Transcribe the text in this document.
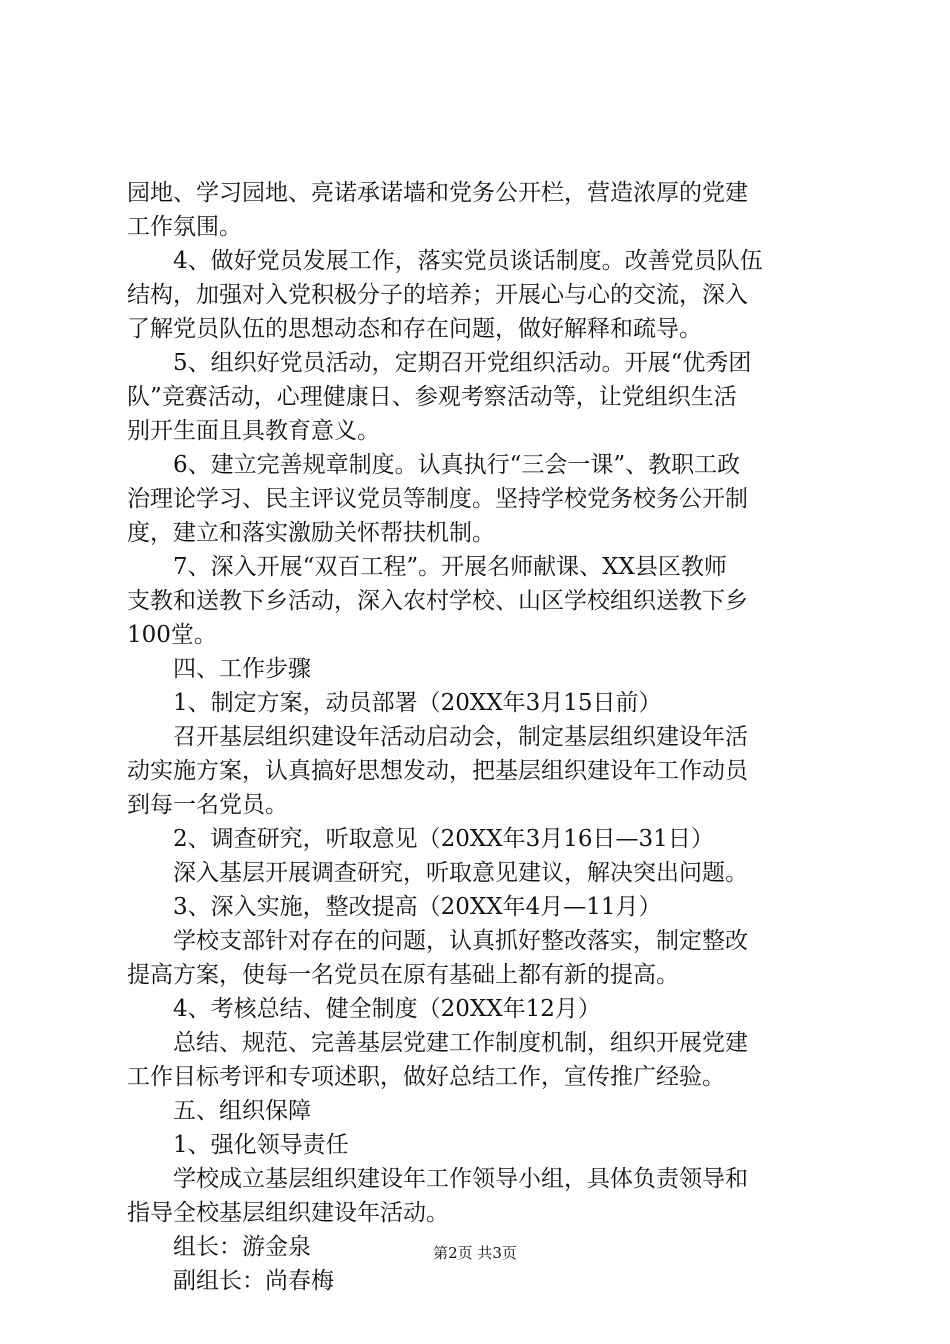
园地、学习园地、亮诺承诺墙和党务公开栏，营造浓厚的党建
工作氛围。
4、做好党员发展工作，落实党员谈话制度。改善党员队伍
结构，加强对入党积极分子的培养；开展心与心的交流，深入
了解党员队伍的思想动态和存在问题，做好解释和疏导。
5、组织好党员活动，定期召开党组织活动。开展“优秀团
队”竞赛活动，心理健康日、参观考察活动等，让党组织生活
别开生面且具教育意义。
6、建立完善规章制度。认真执行“三会一课”、教职工政
治理论学习、民主评议党员等制度。坚持学校党务校务公开制
度，建立和落实激励关怀帮扶机制。
7、深入开展“双百工程”。开展名师献课、XX县区教师
支教和送教下乡活动，深入农村学校、山区学校组织送教下乡
100堂。
四、工作步骤
1、制定方案，动员部署（20XX年3月15日前）
召开基层组织建设年活动启动会，制定基层组织建设年活
动实施方案，认真搞好思想发动，把基层组织建设年工作动员
到每一名党员。
2、调查研究，听取意见（20XX年3月16日—31日）
深入基层开展调查研究，听取意见建议，解决突出问题。
3、深入实施，整改提高（20XX年4月—11月）
学校支部针对存在的问题，认真抓好整改落实，制定整改
提高方案，使每一名党员在原有基础上都有新的提高。
4、考核总结、健全制度（20XX年12月）
总结、规范、完善基层党建工作制度机制，组织开展党建
工作目标考评和专项述职，做好总结工作，宣传推广经验。
五、组织保障
1、强化领导责任
学校成立基层组织建设年工作领导小组，具体负责领导和
指导全校基层组织建设年活动。
组长：游金泉
副组长：尚春梅
第2页 共3页
